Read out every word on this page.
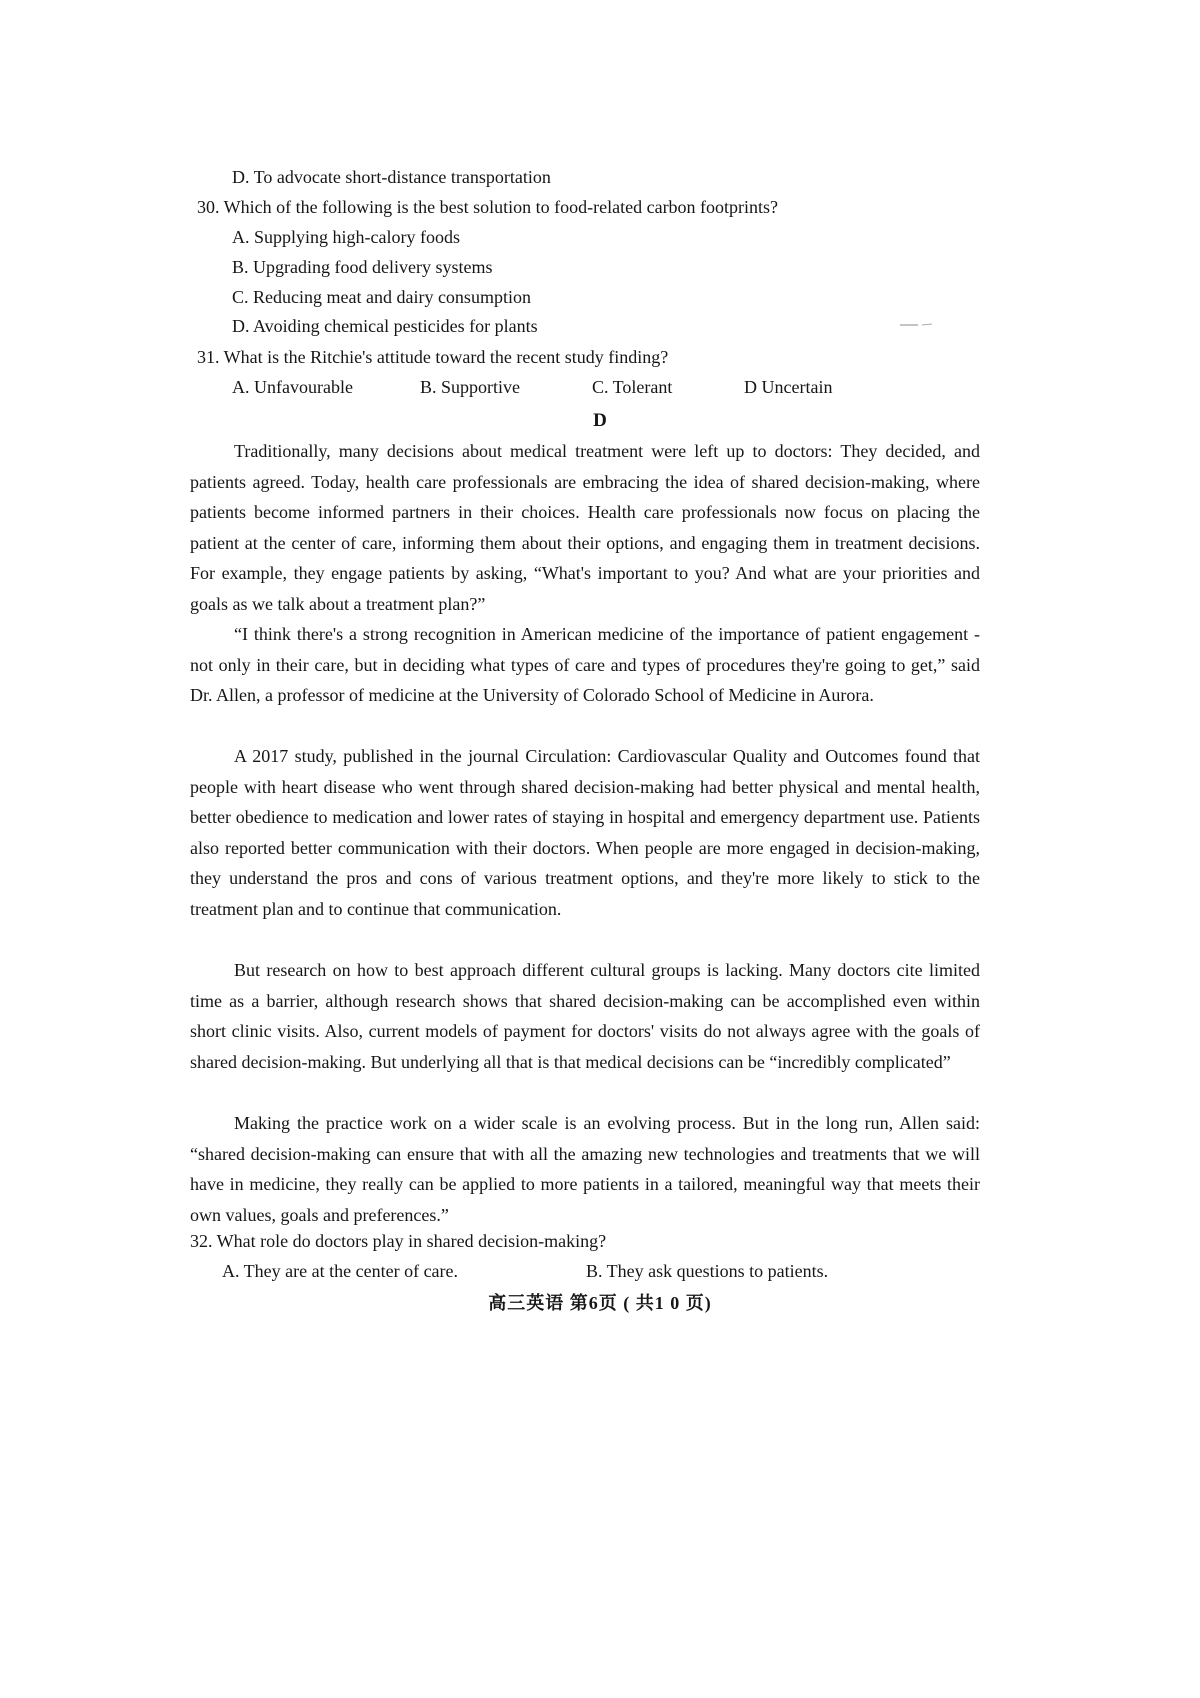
D. To advocate short-distance transportation
30. Which of the following is the best solution to food-related carbon footprints?
A. Supplying high-calory foods
B. Upgrading food delivery systems
C. Reducing meat and dairy consumption
D. Avoiding chemical pesticides for plants
31. What is the Ritchie's attitude toward the recent study finding?
A. Unfavourable	B. Supportive	C. Tolerant	D Uncertain
D
Traditionally, many decisions about medical treatment were left up to doctors: They decided, and patients agreed. Today, health care professionals are embracing the idea of shared decision-making, where patients become informed partners in their choices. Health care professionals now focus on placing the patient at the center of care, informing them about their options, and engaging them in treatment decisions. For example, they engage patients by asking, “What's important to you? And what are your priorities and goals as we talk about a treatment plan?”
“I think there's a strong recognition in American medicine of the importance of patient engagement - not only in their care, but in deciding what types of care and types of procedures they're going to get,” said Dr. Allen, a professor of medicine at the University of Colorado School of Medicine in Aurora.
A 2017 study, published in the journal Circulation: Cardiovascular Quality and Outcomes found that people with heart disease who went through shared decision-making had better physical and mental health, better obedience to medication and lower rates of staying in hospital and emergency department use. Patients also reported better communication with their doctors. When people are more engaged in decision-making, they understand the pros and cons of various treatment options, and they're more likely to stick to the treatment plan and to continue that communication.
But research on how to best approach different cultural groups is lacking. Many doctors cite limited time as a barrier, although research shows that shared decision-making can be accomplished even within short clinic visits. Also, current models of payment for doctors' visits do not always agree with the goals of shared decision-making. But underlying all that is that medical decisions can be “incredibly complicated”
Making the practice work on a wider scale is an evolving process. But in the long run, Allen said: “shared decision-making can ensure that with all the amazing new technologies and treatments that we will have in medicine, they really can be applied to more patients in a tailored, meaningful way that meets their own values, goals and preferences.”
32. What role do doctors play in shared decision-making?
A. They are at the center of care.	B. They ask questions to patients.
高三英语 第6页 ( 共1 0 页)
